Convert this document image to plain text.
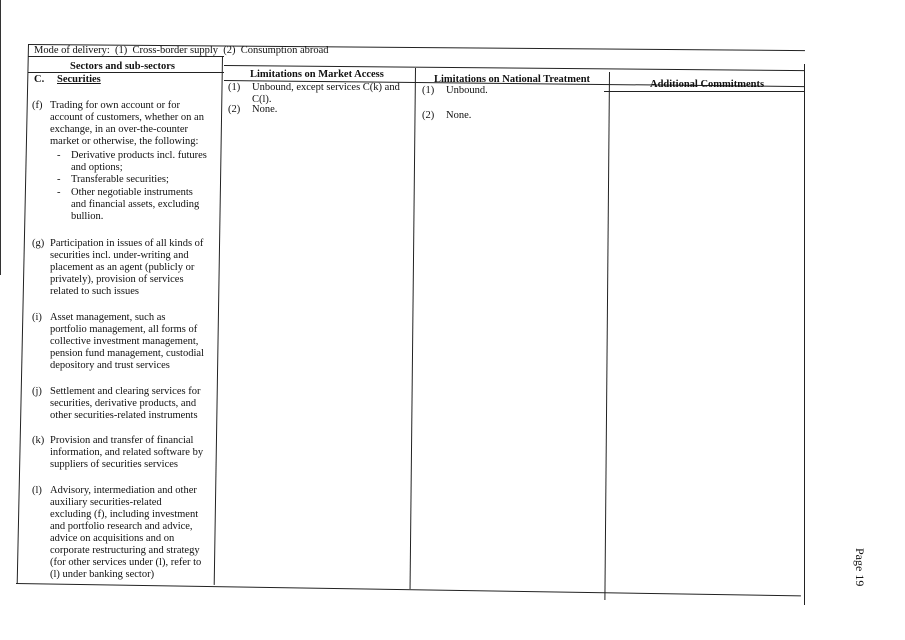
Mode of delivery:  (1)  Cross-border supply  (2)  Consumption abroad
Sectors and sub-sectors
Limitations on Market Access	Limitations on National Treatment	Additional Commitments
C. Securities
(f) Trading for own account or for
account of customers, whether on an
exchange, in an over-the-counter
market or otherwise, the following:
- Derivative products incl. futures
and options;
- Transferable securities;
- Other negotiable instruments
and financial assets, excluding
bullion.
(g) Participation in issues of all kinds of
securities incl. under-writing and
placement as an agent (publicly or
privately), provision of services
related to such issues
(i) Asset management, such as
portfolio management, all forms of
collective investment management,
pension fund management, custodial
depository and trust services
(j) Settlement and clearing services for
securities, derivative products, and
other securities-related instruments
(k) Provision and transfer of financial
information, and related software by
suppliers of securities services
(l) Advisory, intermediation and other
auxiliary securities-related
excluding (f), including investment
and portfolio research and advice,
advice on acquisitions and on
corporate restructuring and strategy
(for other services under (l), refer to
(l) under banking sector)
(1) Unbound, except services C(k) and
C(l).
(2) None.
(1) Unbound.
(2) None.
Page 19
